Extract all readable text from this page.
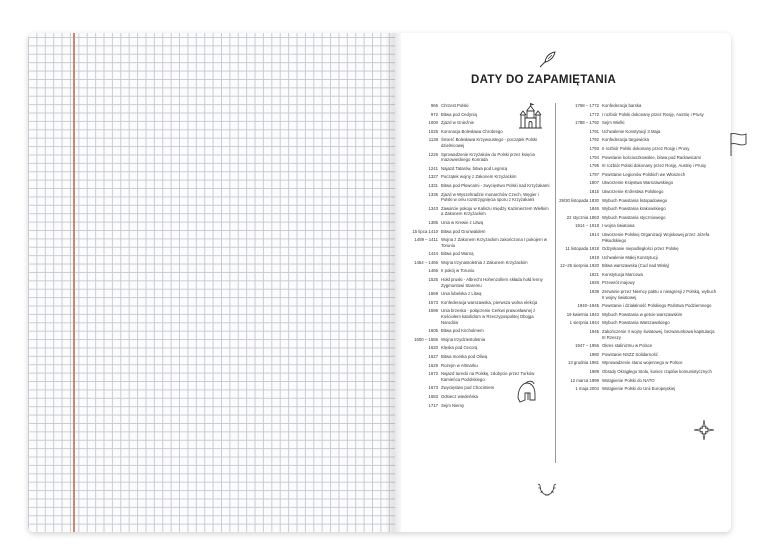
DATY DO ZAPAMIĘTANIA
966 Chrzest Polski
972 Bitwa pod Cedynią
1000 Zjazd w Gnieźnie
1025 Koronacja Bolesława Chrobrego
1138 Śmierć Bolesława Krzywoustego - początek Polski dzielnicowej
1226 Sprowadzenie Krzyżaków do Polski przez księcia mazowieckiego Konrada
1241 Najazd Tatarów, bitwa pod Legnicą
1327 Początek wojny z Zakonem Krzyżackim
1331 Bitwa pod Płowcami - zwycięstwo Polski nad Krzyżakami
1335 Zjazd w Wyszehradzie monarchów Czech, Węgier i Polski w celu rozstrzygnięcia sporu z Krzyżakami
1343 Zawarcie pokoju w Kaliszu między Kazimierzem Wielkim a Zakonem Krzyżackim
1385 Unia w Krewie z Litwą
15 lipca 1410 Bitwa pod Grunwaldem
1489 – 1411 Wojna z Zakonem Krzyżackim zakończona I pokojem w Toruniu
1444 Bitwa pod Warną
1454 – 1466 Wojna trzynastoletnia z Zakonem Krzyżackim
1466 II pokój w Toruniu
1525 Hołd pruski - Albrecht Hohenzollern składa hołd lenny Zygmuntowi Staremu
1569 Unia lubelska z Litwą
1573 Konfederacja warszawska, pierwsza wolna elekcja
1596 Unia brzeska - połączenie Cerkwi prawosławnej z Kościołem katolickim w Rzeczypospolitej Obojga Narodów
1605 Bitwa pod Kircholmem
1600 – 1656 Wojna trzydziestoletnia
1620 Klęska pod Cecorą
1627 Bitwa morska pod Oliwą
1629 Rozejm w Altmarku
1672 Najazd turecki na Polskę, zdobycie przez Turków Kamieńca Podolskiego
1673 Zwycięstwo pod Chocimiem
1683 Odsiecz wiedeńska
1717 Sejm Niemy
1768 – 1772 Konfederacja barska
1772 I rozbiór Polski dokonany przez Rosję, Austrię i Prusy
1788 – 1792 Sejm Wielki
1791 Uchwalenie Konstytucji 3 Maja
1792 Konfederacja targowicka
1793 II rozbiór Polski dokonany przez Rosję i Prusy
1794 Powstanie kościuszkowskie, bitwa pod Racławicami
1795 III rozbiór Polski dokonany przez Rosję, Austrię i Prusy
1797 Powstanie Legionów Polskich we Włoszech
1807 Utworzenie Księstwa Warszawskiego
1815 Utworzenie Królestwa Polskiego
29/30 listopada 1830 Wybuch Powstania listopadowego
1846 Wybuch Powstania krakowskiego
22 stycznia 1863 Wybuch Powstania styczniowego
1914 – 1918 I wojna światowa
1914 Utworzenie Polskiej Organizacji Wojskowej przez Józefa Piłsudskiego
11 listopada 1918 Odzyskanie niepodległości przez Polskę
1919 Uchwalenie Małej Konstytucji
12–25 sierpnia 1920 Bitwa warszawska (Cud nad Wisłą)
1921 Konstytucja Marcowa
1926 Przewrót majowy
1939 Zerwanie przez Niemcy paktu o nieagresji z Polską, wybuch II wojny światowej
1940–1945 Powstanie i działalność Polskiego Państwa Podziemnego
19 kwietnia 1943 Wybuch Powstania w getcie warszawskim
1 sierpnia 1944 Wybuch Powstania Warszawskiego
1945 Zakończenie II wojny światowej, bezwarunkowa kapitulacja III Rzeszy
1947 – 1956 Okres stalinizmu w Polsce
1980 Powstanie NSZZ Solidarność
13 grudnia 1981 Wprowadzenie stanu wojennego w Polsce
1989 Obrady Okrągłego Stołu, koniec rządów komunistycznych
12 marca 1999 Wstąpienie Polski do NATO
1 maja 2004 Wstąpienie Polski do Unii Europejskiej
